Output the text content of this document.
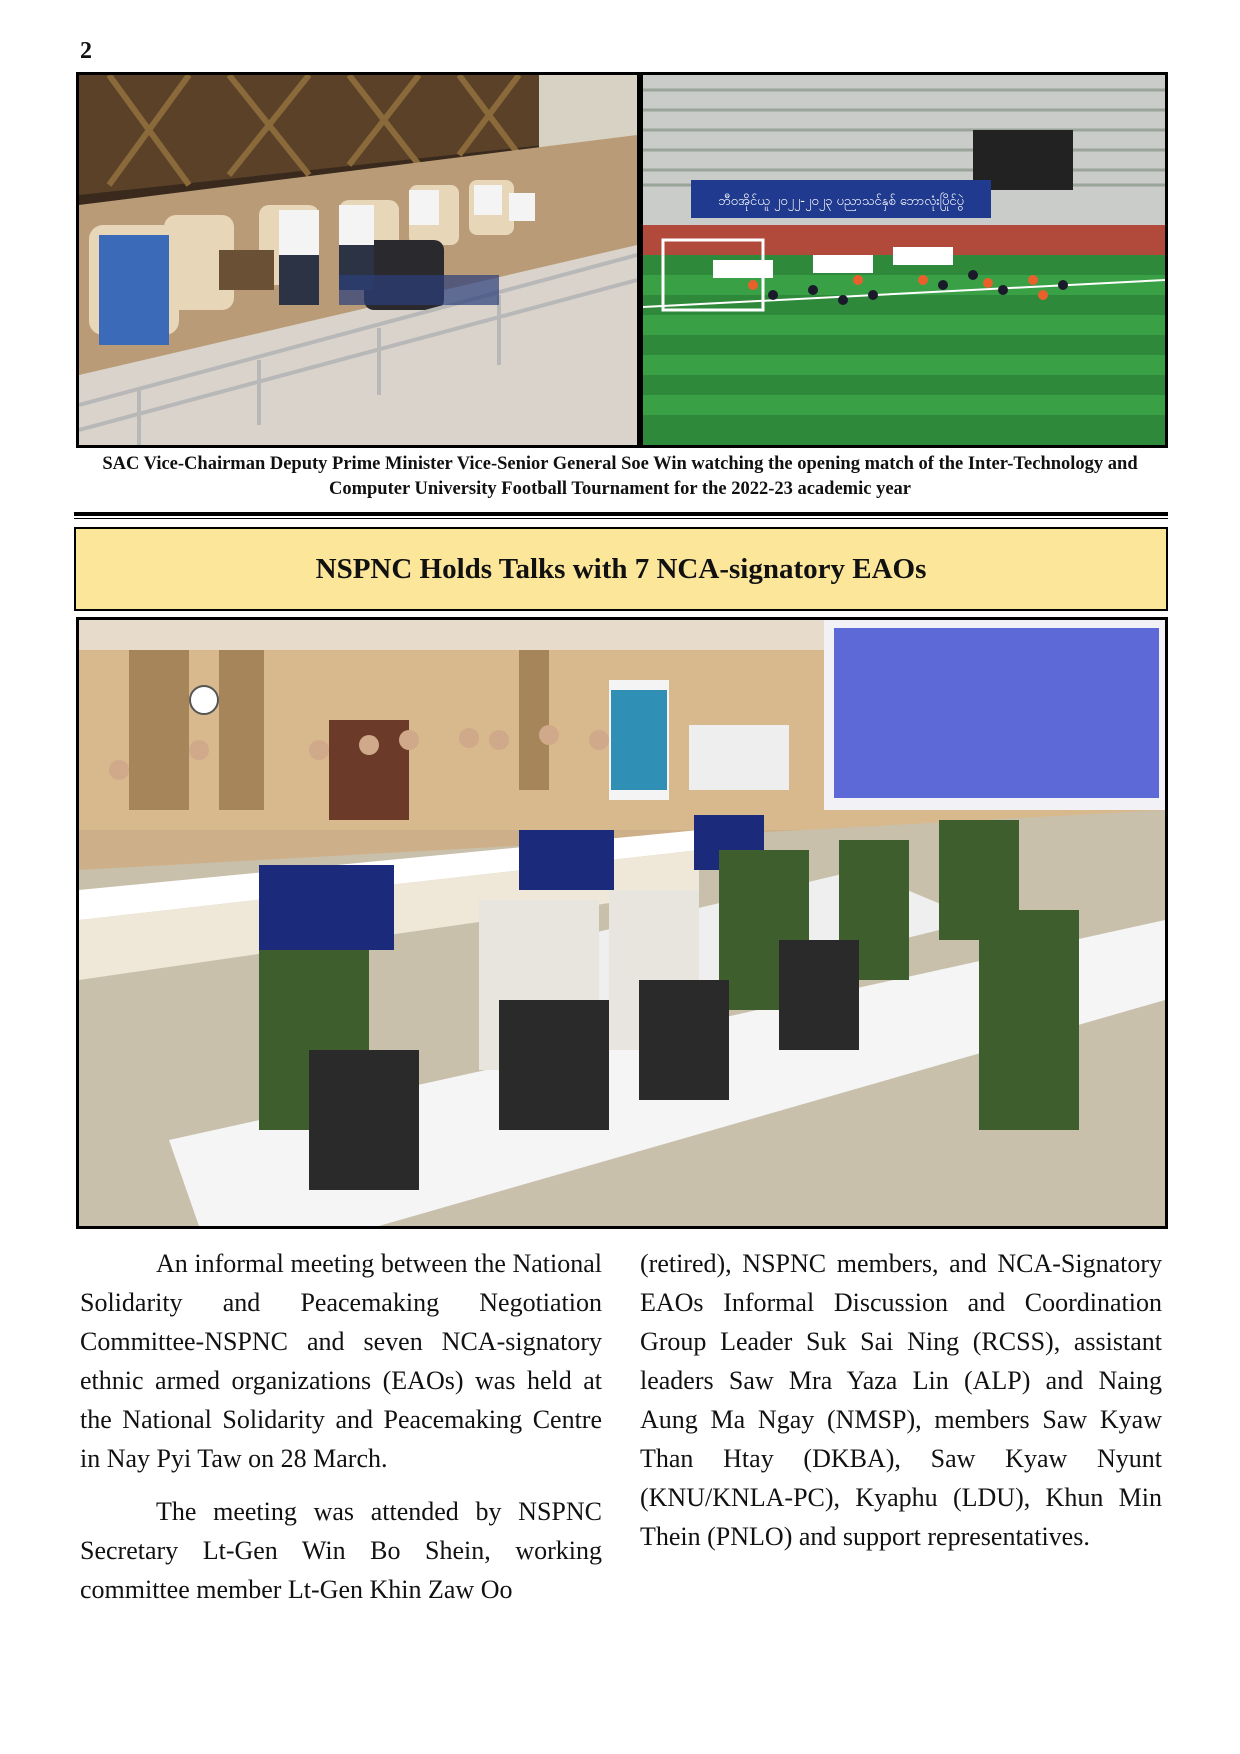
2
ဘီ၀အိုင်ယူ ၂၀၂၂-၂၀၂၃ ပညာသင်နှစ် ဘောလုံးပြိုင်ပွဲ
SAC Vice-Chairman Deputy Prime Minister Vice-Senior General Soe Win watching the opening match of the Inter-Technology and Computer University Football Tournament for the 2022-23 academic year
NSPNC Holds Talks with 7 NCA-signatory EAOs

An informal meeting between the National Solidarity and Peacemaking Negotiation Committee-NSPNC and seven NCA-signatory ethnic armed organizations (EAOs) was held at the National Solidarity and Peacemaking Centre in Nay Pyi Taw on 28 March.

The meeting was attended by NSPNC Secretary Lt-Gen Win Bo Shein, working committee member Lt-Gen Khin Zaw Oo

(retired), NSPNC members, and NCA-Signatory EAOs Informal Discussion and Coordination Group Leader Suk Sai Ning (RCSS), assistant leaders Saw Mra Yaza Lin (ALP) and Naing Aung Ma Ngay (NMSP), members Saw Kyaw Than Htay (DKBA), Saw Kyaw Nyunt (KNU/KNLA-PC), Kyaphu (LDU), Khun Min Thein (PNLO) and support representatives.
